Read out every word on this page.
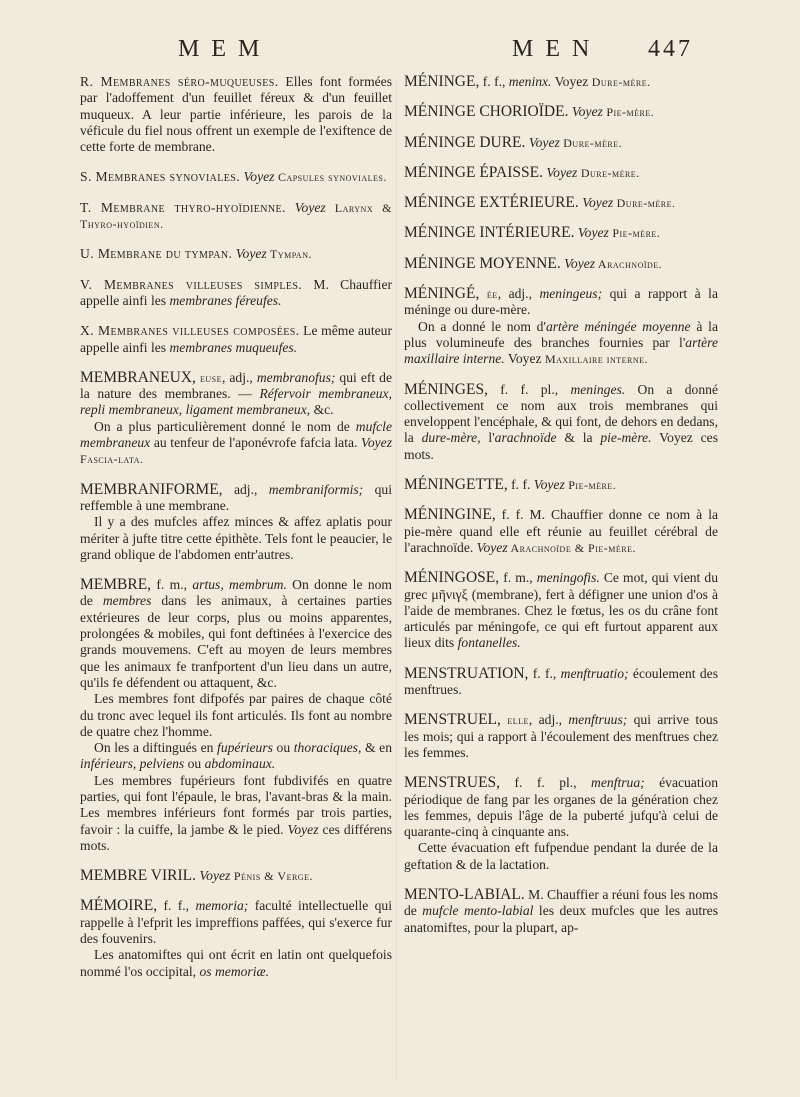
M E M	M E N 447

R. Membranes séro-muqueuses. Elles font formées par l'adoffement d'un feuillet féreux & d'un feuillet muqueux. A leur partie inférieure, les parois de la véficule du fiel nous offrent un exemple de l'exiftence de cette forte de membrane.

S. Membranes synoviales. Voyez Capsules synoviales.

T. Membrane thyro-hyoïdienne. Voyez Larynx & Thyro-hyoïdien.

U. Membrane du tympan. Voyez Tympan.

V. Membranes villeuses simples. M. Chauffier appelle ainfi les membranes féreufes.

X. Membranes villeuses composées. Le même auteur appelle ainfi les membranes muqueufes.

MEMBRANEUX, euse, adj., membranofus; qui eft de la nature des membranes. — Réfervoir membraneux, repli membraneux, ligament membraneux, &c.

On a plus particulièrement donné le nom de mufcle membraneux au tenfeur de l'aponévrofe fafcia lata. Voyez Fascia-lata.

MEMBRANIFORME, adj., membraniformis; qui reffemble à une membrane.

Il y a des mufcles affez minces & affez aplatis pour mériter à jufte titre cette épithète. Tels font le peaucier, le grand oblique de l'abdomen entr'autres.

MEMBRE, f. m., artus, membrum. On donne le nom de membres dans les animaux, à certaines parties extérieures de leur corps, plus ou moins apparentes, prolongées & mobiles, qui font deftinées à l'exercice des grands mouvemens. C'eft au moyen de leurs membres que les animaux fe tranfportent d'un lieu dans un autre, qu'ils fe défendent ou attaquent, &c.

Les membres font difpofés par paires de chaque côté du tronc avec lequel ils font articulés. Ils font au nombre de quatre chez l'homme.

On les a diftingués en fupérieurs ou thoraciques, & en inférieurs, pelviens ou abdominaux.

Les membres fupérieurs font fubdivifés en quatre parties, qui font l'épaule, le bras, l'avant-bras & la main. Les membres inférieurs font formés par trois parties, favoir : la cuiffe, la jambe & le pied. Voyez ces différens mots.

MEMBRE VIRIL. Voyez Pénis & Verge.

MÉMOIRE, f. f., memoria; faculté intellectuelle qui rappelle à l'efprit les impreffions paffées, qui s'exerce fur des fouvenirs.

Les anatomiftes qui ont écrit en latin ont quelquefois nommé l'os occipital, os memoriæ.

MÉNINGE, f. f., meninx. Voyez Dure-mère.

MÉNINGE CHORIOÏDE. Voyez Pie-mère.

MÉNINGE DURE. Voyez Dure-mère.

MÉNINGE ÉPAISSE. Voyez Dure-mère.

MÉNINGE EXTÉRIEURE. Voyez Dure-mère.

MÉNINGE INTÉRIEURE. Voyez Pie-mère.

MÉNINGE MOYENNE. Voyez Arachnoïde.

MÉNINGÉ, ée, adj., meningeus; qui a rapport à la méninge ou dure-mère.

On a donné le nom d'artère méningée moyenne à la plus volumineufe des branches fournies par l'artère maxillaire interne. Voyez Maxillaire interne.

MÉNINGES, f. f. pl., meninges. On a donné collectivement ce nom aux trois membranes qui enveloppent l'encéphale, & qui font, de dehors en dedans, la dure-mère, l'arachnoïde & la pie-mère. Voyez ces mots.

MÉNINGETTE, f. f. Voyez Pie-mère.

MÉNINGINE, f. f. M. Chauffier donne ce nom à la pie-mère quand elle eft réunie au feuillet cérébral de l'arachnoïde. Voyez Arachnoïde & Pie-mère.

MÉNINGOSE, f. m., meningofis. Ce mot, qui vient du grec μῆνιγξ (membrane), fert à défigner une union d'os à l'aide de membranes. Chez le fœtus, les os du crâne font articulés par méningofe, ce qui eft furtout apparent aux lieux dits fontanelles.

MENSTRUATION, f. f., menftruatio; écoulement des menftrues.

MENSTRUEL, elle, adj., menftruus; qui arrive tous les mois; qui a rapport à l'écoulement des menftrues chez les femmes.

MENSTRUES, f. f. pl., menftrua; évacuation périodique de fang par les organes de la génération chez les femmes, depuis l'âge de la puberté jufqu'à celui de quarante-cinq à cinquante ans.

Cette évacuation eft fufpendue pendant la durée de la geftation & de la lactation.

MENTO-LABIAL. M. Chauffier a réuni fous les noms de mufcle mento-labial les deux mufcles que les autres anatomiftes, pour la plupart, ap-
